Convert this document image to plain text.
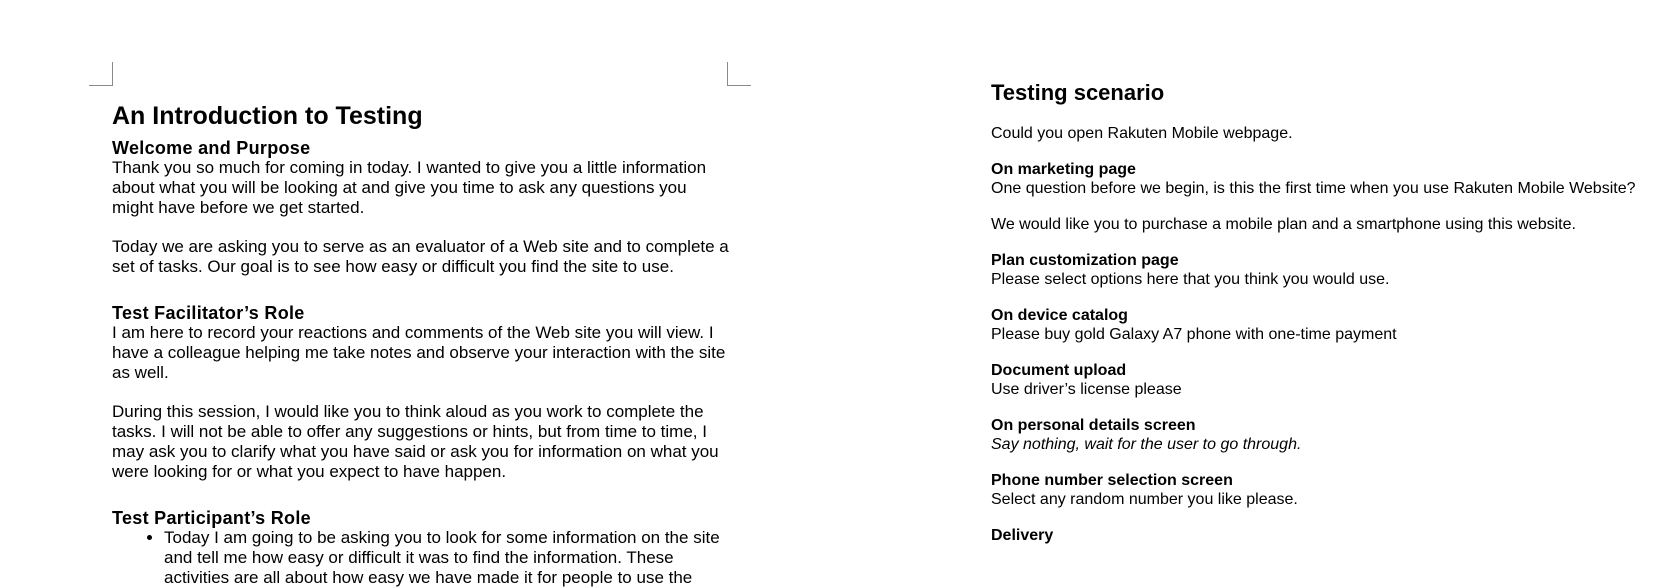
An Introduction to Testing
Welcome and Purpose
Thank you so much for coming in today. I wanted to give you a little information about what you will be looking at and give you time to ask any questions you might have before we get started.
Today we are asking you to serve as an evaluator of a Web site and to complete a set of tasks. Our goal is to see how easy or difficult you find the site to use.
Test Facilitator’s Role
I am here to record your reactions and comments of the Web site you will view. I have a colleague helping me take notes and observe your interaction with the site as well.
During this session, I would like you to think aloud as you work to complete the tasks. I will not be able to offer any suggestions or hints, but from time to time, I may ask you to clarify what you have said or ask you for information on what you were looking for or what you expect to have happen.
Test Participant’s Role
• Today I am going to be asking you to look for some information on the site and tell me how easy or difficult it was to find the information. These activities are all about how easy we have made it for people to use the
Testing scenario
Could you open Rakuten Mobile webpage.
On marketing page
One question before we begin, is this the first time when you use Rakuten Mobile Website?
We would like you to purchase a mobile plan and a smartphone using this website.
Plan customization page
Please select options here that you think you would use.
On device catalog
Please buy gold Galaxy A7 phone with one-time payment
Document upload
Use driver’s license please
On personal details screen
Say nothing, wait for the user to go through.
Phone number selection screen
Select any random number you like please.
Delivery
